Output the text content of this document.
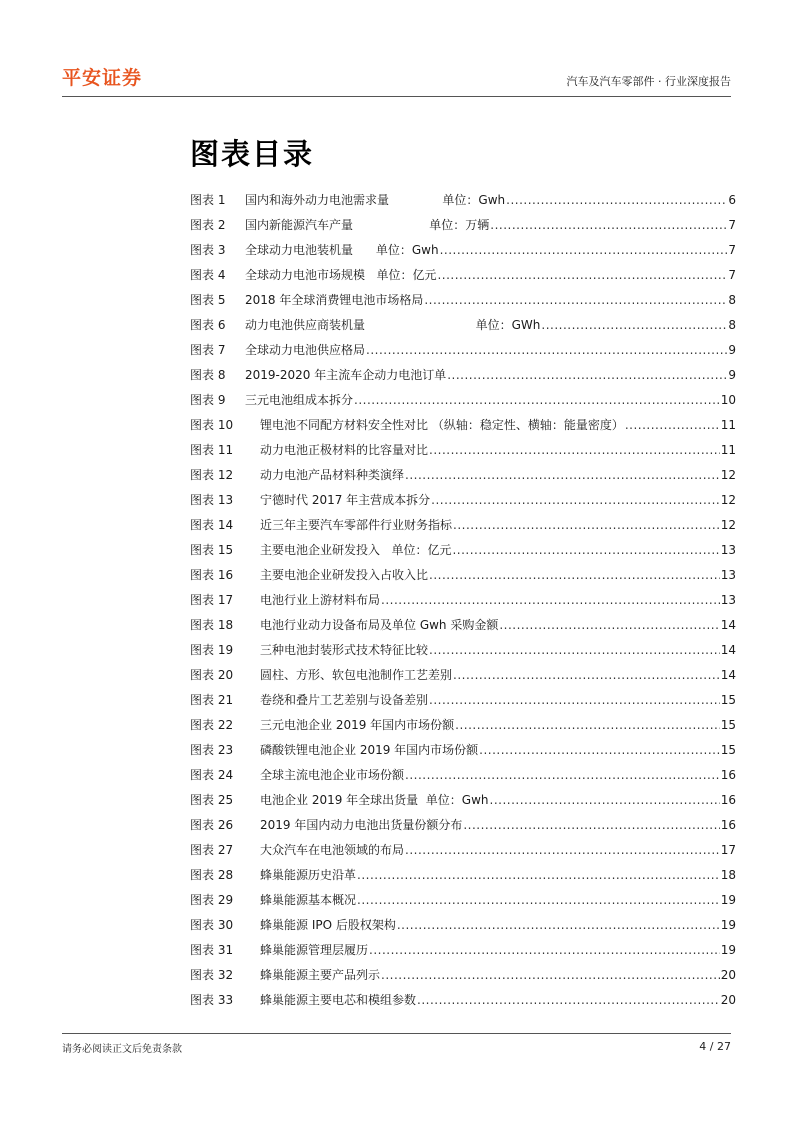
平安证券	汽车及汽车零部件 · 行业深度报告
图表目录
图表 1	国内和海外动力电池需求量              单位：Gwh .....	6
图表 2	国内新能源汽车产量                    单位：万辆 .....	7
图表 3	全球动力电池装机量      单位：Gwh .....	7
图表 4	全球动力电池市场规模   单位：亿元 .....	7
图表 5	2018 年全球消费锂电池市场格局 .....	8
图表 6	动力电池供应商装机量                             单位：GWh .....	8
图表 7	全球动力电池供应格局 .....	9
图表 8	2019-2020 年主流车企动力电池订单 .....	9
图表 9	三元电池组成本拆分 .....	10
图表 10	锂电池不同配方材料安全性对比 （纵轴：稳定性、横轴：能量密度） .....	11
图表 11	动力电池正极材料的比容量对比 .....	11
图表 12	动力电池产品材料种类演绎 .....	12
图表 13	宁德时代 2017 年主营成本拆分 .....	12
图表 14	近三年主要汽车零部件行业财务指标 .....	12
图表 15	主要电池企业研发投入   单位：亿元 .....	13
图表 16	主要电池企业研发投入占收入比 .....	13
图表 17	电池行业上游材料布局 .....	13
图表 18	电池行业动力设备布局及单位 Gwh 采购金额 .....	14
图表 19	三种电池封装形式技术特征比较 .....	14
图表 20	圆柱、方形、软包电池制作工艺差别 .....	14
图表 21	卷绕和叠片工艺差别与设备差别 .....	15
图表 22	三元电池企业 2019 年国内市场份额 .....	15
图表 23	磷酸铁锂电池企业 2019 年国内市场份额 .....	15
图表 24	全球主流电池企业市场份额 .....	16
图表 25	电池企业 2019 年全球出货量  单位：Gwh .....	16
图表 26	2019 年国内动力电池出货量份额分布 .....	16
图表 27	大众汽车在电池领域的布局 .....	17
图表 28	蜂巢能源历史沿革 .....	18
图表 29	蜂巢能源基本概况 .....	19
图表 30	蜂巢能源 IPO 后股权架构 .....	19
图表 31	蜂巢能源管理层履历 .....	19
图表 32	蜂巢能源主要产品列示 .....	20
图表 33	蜂巢能源主要电芯和模组参数 .....	20
请务必阅读正文后免责条款	4 / 27
